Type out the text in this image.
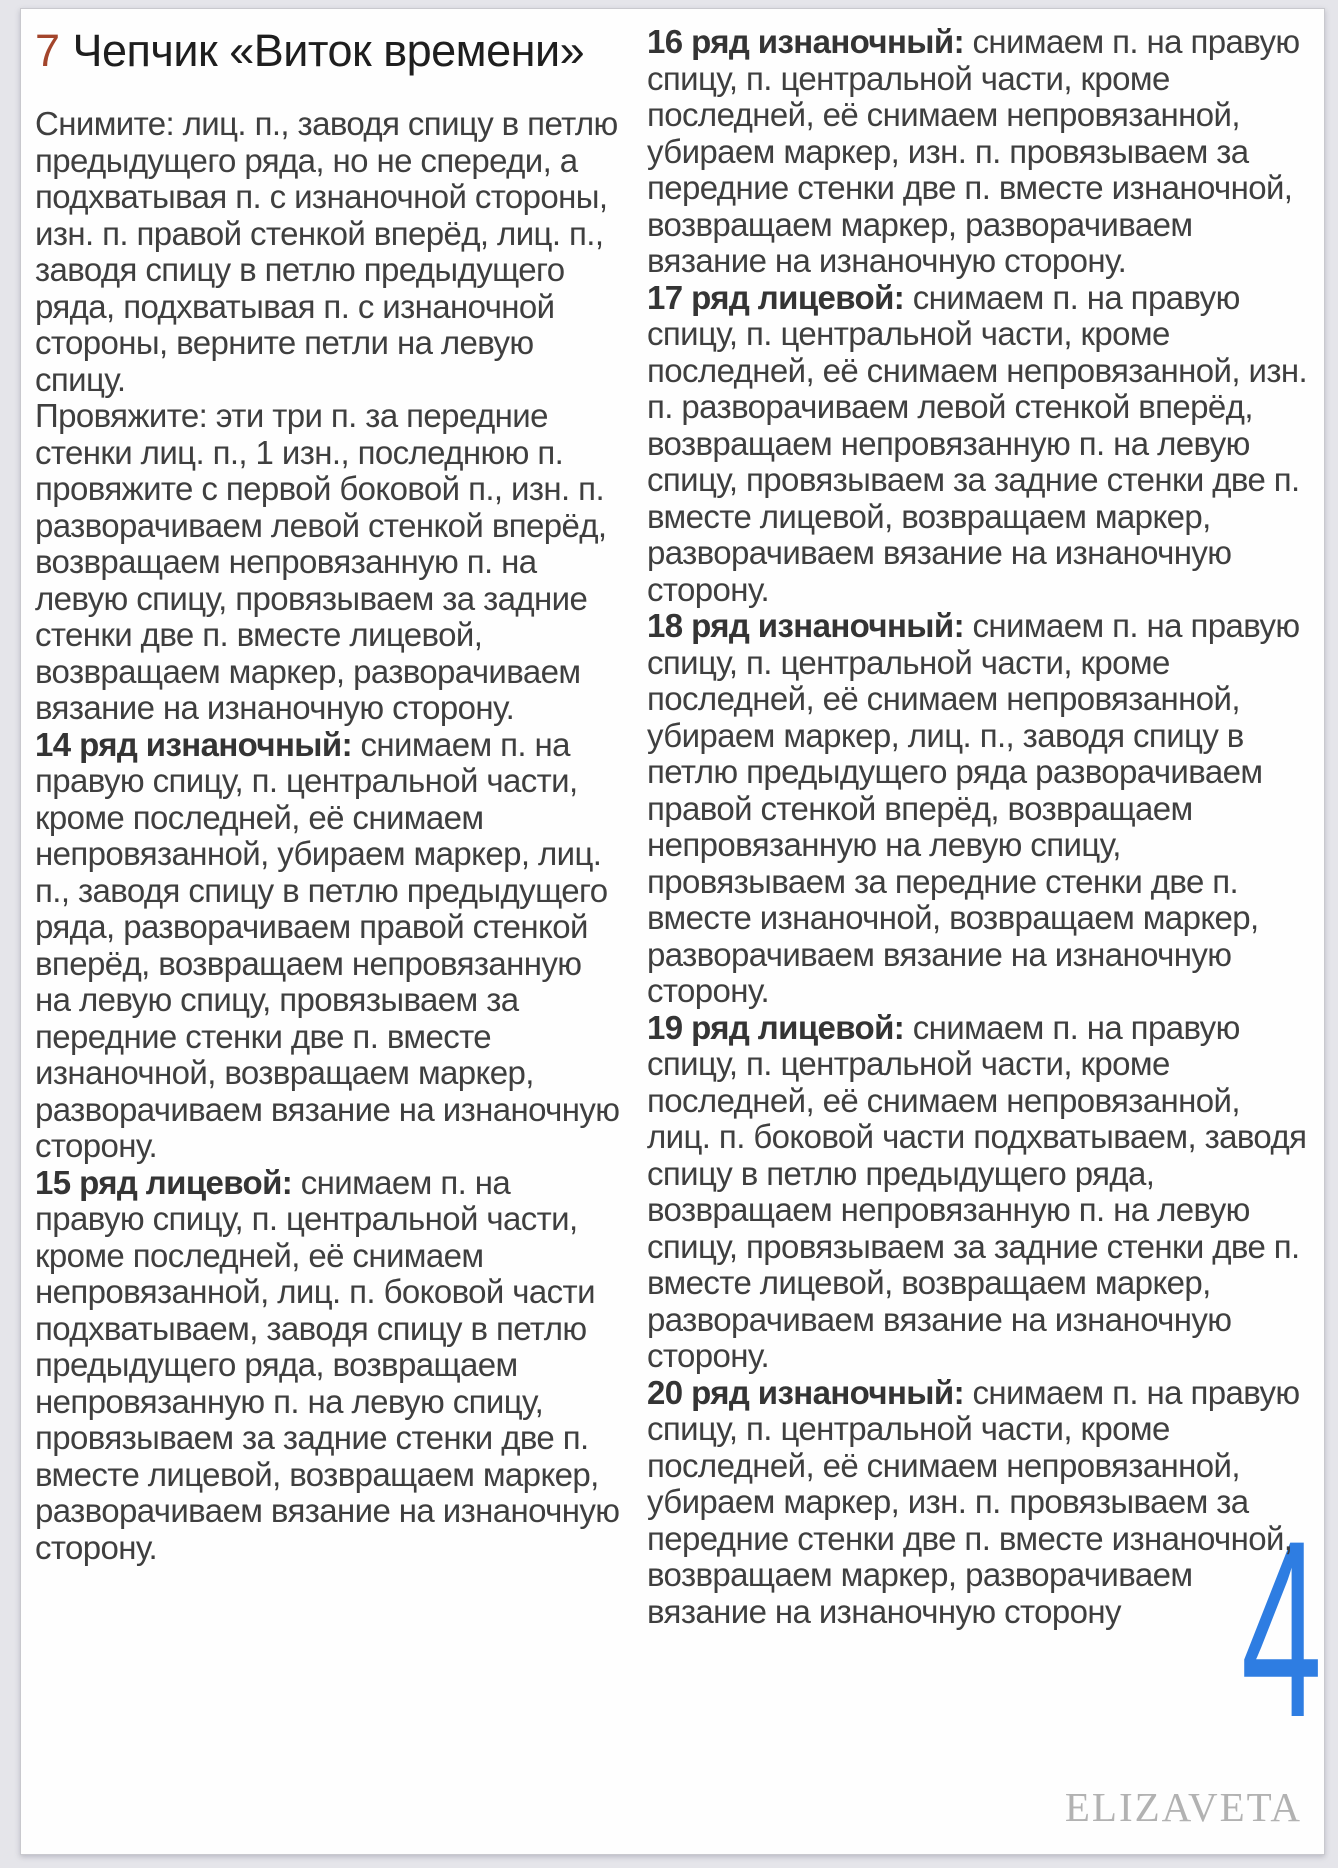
7 Чепчик «Виток времени»

Снимите: лиц. п., заводя спицу в петлю предыдущего ряда, но не спереди, а подхватывая п. с изнаночной стороны, изн. п. правой стенкой вперёд, лиц. п., заводя спицу в петлю предыдущего ряда, подхватывая п. с изнаночной стороны, верните петли на левую спицу.

Провяжите: эти три п. за передние стенки лиц. п., 1 изн., последнюю п. провяжите с первой боковой п., изн. п. разворачиваем левой стенкой вперёд, возвращаем непровязанную п. на левую спицу, провязываем за задние стенки две п. вместе лицевой, возвращаем маркер, разворачиваем вязание на изнаночную сторону.

14 ряд изнаночный: снимаем п. на правую спицу, п. центральной части, кроме последней, её снимаем непровязанной, убираем маркер, лиц. п., заводя спицу в петлю предыдущего ряда, разворачиваем правой стенкой вперёд, возвращаем непровязанную на левую спицу, провязываем за передние стенки две п. вместе изнаночной, возвращаем маркер, разворачиваем вязание на изнаночную сторону.

15 ряд лицевой: снимаем п. на правую спицу, п. центральной части, кроме последней, её снимаем непровязанной, лиц. п. боковой части подхватываем, заводя спицу в петлю предыдущего ряда, возвращаем непровязанную п. на левую спицу, провязываем за задние стенки две п. вместе лицевой, возвращаем маркер, разворачиваем вязание на изнаночную сторону.

16 ряд изнаночный: снимаем п. на правую спицу, п. центральной части, кроме последней, её снимаем непровязанной, убираем маркер, изн. п. провязываем за передние стенки две п. вместе изнаночной, возвращаем маркер, разворачиваем вязание на изнаночную сторону.

17 ряд лицевой: снимаем п. на правую спицу, п. центральной части, кроме последней, её снимаем непровязанной, изн. п. разворачиваем левой стенкой вперёд, возвращаем непровязанную п. на левую спицу, провязываем за задние стенки две п. вместе лицевой, возвращаем маркер, разворачиваем вязание на изнаночную сторону.

18 ряд изнаночный: снимаем п. на правую спицу, п. центральной части, кроме последней, её снимаем непровязанной, убираем маркер, лиц. п., заводя спицу в петлю предыдущего ряда разворачиваем правой стенкой вперёд, возвращаем непровязанную на левую спицу, провязываем за передние стенки две п. вместе изнаночной, возвращаем маркер, разворачиваем вязание на изнаночную сторону.

19 ряд лицевой: снимаем п. на правую спицу, п. центральной части, кроме последней, её снимаем непровязанной, лиц. п. боковой части подхватываем, заводя спицу в петлю предыдущего ряда, возвращаем непровязанную п. на левую спицу, провязываем за задние стенки две п. вместе лицевой, возвращаем маркер, разворачиваем вязание на изнаночную сторону.

20 ряд изнаночный: снимаем п. на правую спицу, п. центральной части, кроме последней, её снимаем непровязанной, убираем маркер, изн. п. провязываем за передние стенки две п. вместе изнаночной, возвращаем маркер, разворачиваем вязание на изнаночную сторону 4
ELIZAVETA
